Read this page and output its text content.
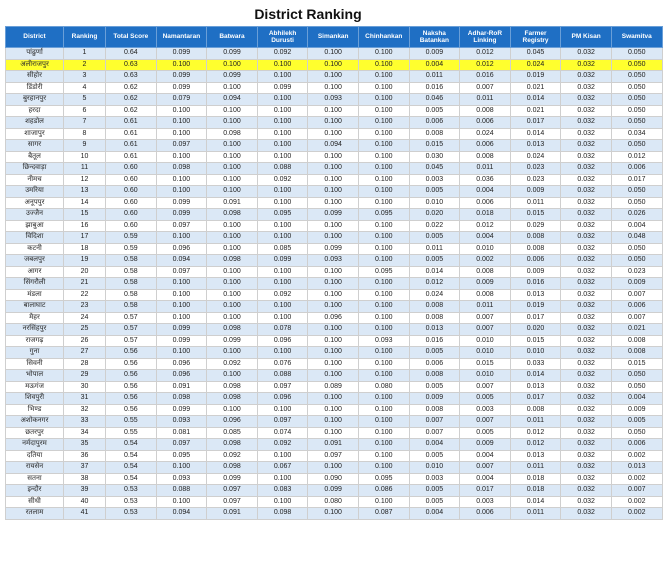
District Ranking
District	Ranking	Total Score	Namantaran	Batwara	Abhilekh Durusti	Simankan	Chinhankan	Naksha Batankan	Adhar-RoR Linking	Farmer Registry	PM Kisan	Swamitva
पांढुर्णा	1	0.64	0.099	0.099	0.092	0.100	0.100	0.009	0.012	0.045	0.032	0.050
अलीराजपुर	2	0.63	0.100	0.100	0.100	0.100	0.100	0.004	0.012	0.024	0.032	0.050
सीहोर	3	0.63	0.099	0.099	0.100	0.100	0.100	0.011	0.016	0.019	0.032	0.050
डिंडोरी	4	0.62	0.099	0.100	0.099	0.100	0.100	0.016	0.007	0.021	0.032	0.050
बुरहानपुर	5	0.62	0.079	0.094	0.100	0.093	0.100	0.046	0.011	0.014	0.032	0.050
हरदा	6	0.62	0.100	0.100	0.100	0.100	0.100	0.005	0.008	0.021	0.032	0.050
शहडोल	7	0.61	0.100	0.100	0.100	0.100	0.100	0.006	0.006	0.017	0.032	0.050
शाजापुर	8	0.61	0.100	0.098	0.100	0.100	0.100	0.008	0.024	0.014	0.032	0.034
सागर	9	0.61	0.097	0.100	0.100	0.094	0.100	0.015	0.006	0.013	0.032	0.050
बैतूल	10	0.61	0.100	0.100	0.100	0.100	0.100	0.030	0.008	0.024	0.032	0.012
छिन्दवाड़ा	11	0.60	0.098	0.100	0.088	0.100	0.100	0.045	0.011	0.023	0.032	0.006
नीमच	12	0.60	0.100	0.100	0.092	0.100	0.100	0.003	0.036	0.023	0.032	0.017
उमरिया	13	0.60	0.100	0.100	0.100	0.100	0.100	0.005	0.004	0.009	0.032	0.050
अनूपपुर	14	0.60	0.099	0.091	0.100	0.100	0.100	0.010	0.006	0.011	0.032	0.050
उज्जैन	15	0.60	0.099	0.098	0.095	0.099	0.095	0.020	0.018	0.015	0.032	0.026
झाबुआ	16	0.60	0.097	0.100	0.100	0.100	0.100	0.022	0.012	0.029	0.032	0.004
विदिशा	17	0.59	0.100	0.100	0.100	0.100	0.100	0.005	0.004	0.008	0.032	0.048
कटनी	18	0.59	0.096	0.100	0.085	0.099	0.100	0.011	0.010	0.008	0.032	0.050
जबलपुर	19	0.58	0.094	0.098	0.099	0.093	0.100	0.005	0.002	0.006	0.032	0.050
आगर	20	0.58	0.097	0.100	0.100	0.100	0.095	0.014	0.008	0.009	0.032	0.023
सिंगरौली	21	0.58	0.100	0.100	0.100	0.100	0.100	0.012	0.009	0.016	0.032	0.009
मंडला	22	0.58	0.100	0.100	0.092	0.100	0.100	0.024	0.008	0.013	0.032	0.007
बालाघाट	23	0.58	0.100	0.100	0.100	0.100	0.100	0.008	0.011	0.019	0.032	0.006
मैहर	24	0.57	0.100	0.100	0.100	0.096	0.100	0.008	0.007	0.017	0.032	0.007
नरसिंहपुर	25	0.57	0.099	0.098	0.078	0.100	0.100	0.013	0.007	0.020	0.032	0.021
राजगढ़	26	0.57	0.099	0.099	0.096	0.100	0.093	0.016	0.010	0.015	0.032	0.008
गुना	27	0.56	0.100	0.100	0.100	0.100	0.100	0.005	0.010	0.010	0.032	0.008
सिवनी	28	0.56	0.096	0.092	0.076	0.100	0.100	0.006	0.015	0.033	0.032	0.015
भोपाल	29	0.56	0.096	0.100	0.088	0.100	0.100	0.008	0.010	0.014	0.032	0.050
मऊगंज	30	0.56	0.091	0.098	0.097	0.089	0.080	0.005	0.007	0.013	0.032	0.050
शिवपुरी	31	0.56	0.098	0.098	0.096	0.100	0.100	0.009	0.005	0.017	0.032	0.004
भिण्ड	32	0.56	0.099	0.100	0.100	0.100	0.100	0.008	0.003	0.008	0.032	0.009
अशोकनगर	33	0.55	0.093	0.096	0.097	0.100	0.100	0.007	0.007	0.011	0.032	0.005
छतरपुर	34	0.55	0.081	0.085	0.074	0.100	0.100	0.007	0.005	0.012	0.032	0.050
नर्मदापुरम	35	0.54	0.097	0.098	0.092	0.091	0.100	0.004	0.009	0.012	0.032	0.006
दतिया	36	0.54	0.095	0.092	0.100	0.097	0.100	0.005	0.004	0.013	0.032	0.002
रायसेन	37	0.54	0.100	0.098	0.067	0.100	0.100	0.010	0.007	0.011	0.032	0.013
सतना	38	0.54	0.093	0.099	0.100	0.090	0.095	0.003	0.004	0.018	0.032	0.002
इन्दौर	39	0.53	0.088	0.097	0.083	0.099	0.086	0.005	0.017	0.018	0.032	0.007
सीधी	40	0.53	0.100	0.097	0.100	0.080	0.100	0.005	0.003	0.014	0.032	0.002
रतलाम	41	0.53	0.094	0.091	0.098	0.100	0.087	0.004	0.006	0.011	0.032	0.002
